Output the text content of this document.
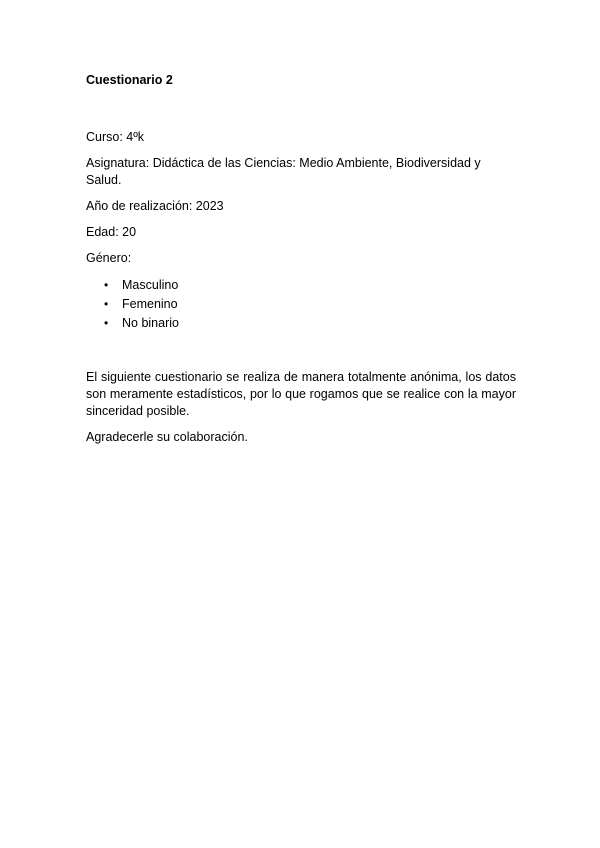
Cuestionario 2

Curso: 4ºk

Asignatura: Didáctica de las Ciencias: Medio Ambiente, Biodiversidad y Salud.

Año de realización: 2023

Edad: 20

Género:

• Masculino
• Femenino
• No binario

El siguiente cuestionario se realiza de manera totalmente anónima, los datos son meramente estadísticos, por lo que rogamos que se realice con la mayor sinceridad posible.

Agradecerle su colaboración.
